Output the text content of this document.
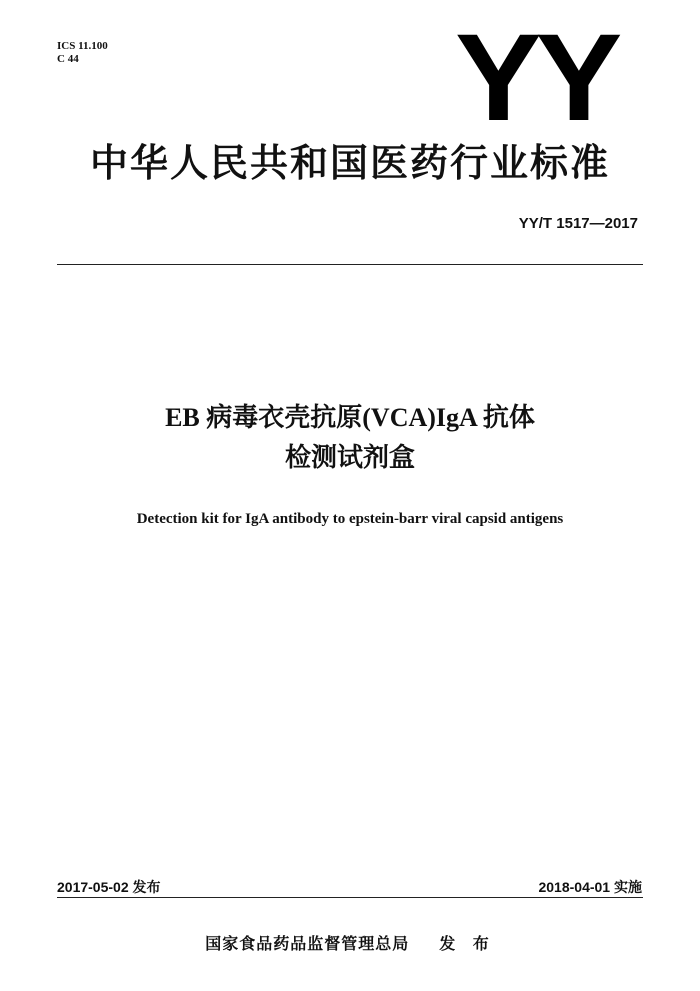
ICS 11.100
C 44	YY
中华人民共和国医药行业标准
YY/T 1517—2017
EB 病毒衣壳抗原(VCA)IgA 抗体
检测试剂盒
Detection kit for IgA antibody to epstein-barr viral capsid antigens
2017-05-02 发布	2018-04-01 实施
国家食品药品监督管理总局 发 布
